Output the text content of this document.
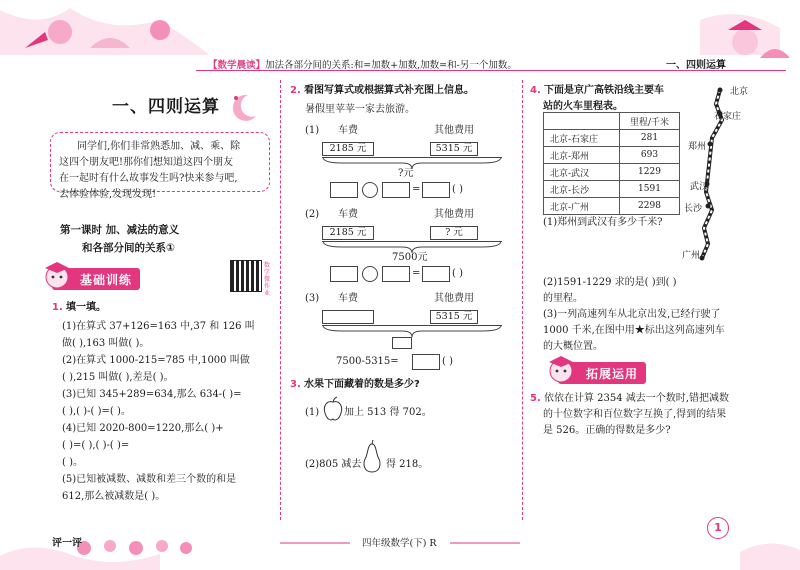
【数学晨读】加法各部分间的关系:和=加数+加数,加数=和-另一个加数。	一、四则运算
一、四则运算
同学们,你们非常熟悉加、减、乘、除
这四个朋友吧!那你们想知道这四个朋友
在一起时有什么故事发生吗?快来参与吧,
去体验体验,发现发现!
第一课时 加、减法的意义
和各部分间的关系①
基础训练
数学微作业
1. 填一填。
(1)在算式 37+126=163 中,37 和 126 叫
做( ),163 叫做( )。
(2)在算式 1000-215=785 中,1000 叫做
( ),215 叫做( ),差是( )。
(3)已知 345+289=634,那么 634-( )=
( ),( )-( )=( )。
(4)已知 2020-800=1220,那么( )+
( )=( ),( )-( )=
( )。
(5)已知被减数、减数和差三个数的和是
612,那么被减数是( )。
2. 看图写算式或根据算式补充图上信息。
暑假里苹苹一家去旅游。
(1) 车费	其他费用
2185 元	5315 元
?元
=	( )
(2) 车费	其他费用
2185 元	? 元
7500元
=	( )
(3) 车费	其他费用
5315 元
7500-5315=	( )
3. 水果下面藏着的数是多少?
(1) 加上 513 得 702。
(2)805 减去 得 218。
4. 下面是京广高铁沿线主要车
站的火车里程表。
	里程/千米
北京-石家庄	281
北京-郑州	693
北京-武汉	1229
北京-长沙	1591
北京-广州	2298
北京
石家庄
郑州
武汉
长沙
广州
(1)郑州到武汉有多少千米?
(2)1591-1229 求的是( )到( )
的里程。
(3)一列高速列车从北京出发,已经行驶了
1000 千米,在图中用★标出这列高速列车
的大概位置。
拓展运用
5. 依依在计算 2354 减去一个数时,错把减数
的十位数字和百位数字互换了,得到的结果
是 526。正确的得数是多少?
评一评	四年级数学(下) R
1
